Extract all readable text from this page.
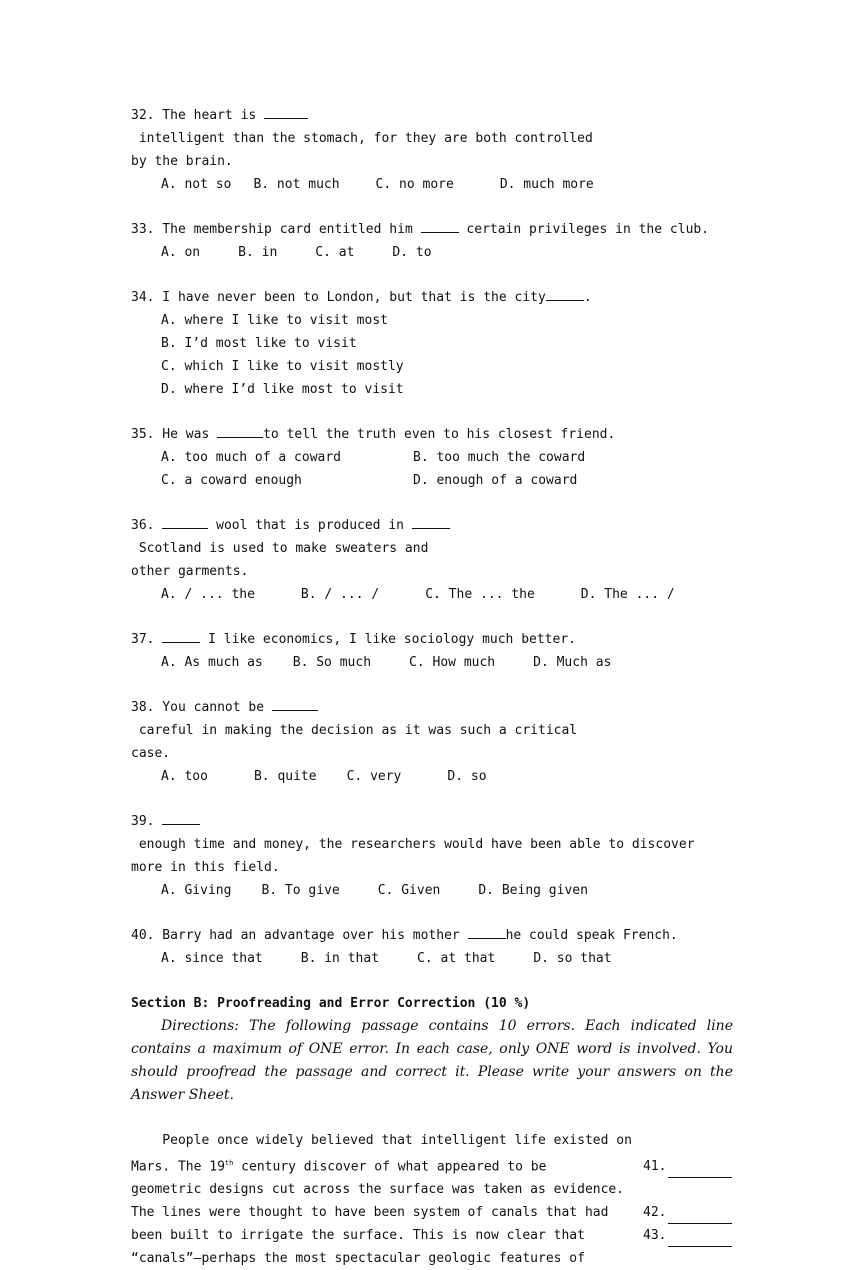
32. The heart is  intelligent than the stomach, for they are both controlled
by the brain.
A. not so B. not much	C. no more	D. much more
33. The membership card entitled him	certain privileges in the club.
A. on	B. in	C. at	D. to
34. I have never been to London, but that is the city	.
A. where I like to visit most
B. I’d most like to visit
C. which I like to visit mostly
D. where I’d like most to visit
35. He was	to tell the truth even to his closest friend.
A. too much of a coward	B. too much the coward
C. a coward enough	D. enough of a coward
36.	wool that is produced in  Scotland is used to make sweaters and
other garments.
A. / ... the	B. / ... /	C. The ... the	D. The ... /
37.	I like economics, I like sociology much better.
A. As much as B. So much	C. How much	D. Much as
38. You cannot be  careful in making the decision as it was such a critical
case.
A. too	B. quite C. very	D. so
39.  enough time and money, the researchers would have been able to discover
more in this field.
A. Giving B. To give	C. Given	D. Being given
40. Barry had an advantage over his mother	he could speak French.
A. since that	B. in that	C. at that	D. so that
Section B: Proofreading and Error Correction (10 %)
Directions: The following passage contains 10 errors. Each indicated line contains a maximum of ONE error. In each case, only ONE word is involved. You should proofread the passage and correct it. Please write your answers on the Answer Sheet.
People once widely believed that intelligent life existed on
Mars. The 19th century discover of what appeared to be	41.
geometric designs cut across the surface was taken as evidence.
The lines were thought to have been system of canals that had	42.
been built to irrigate the surface. This is now clear that	43.
“canals”—perhaps the most spectacular geologic features of
